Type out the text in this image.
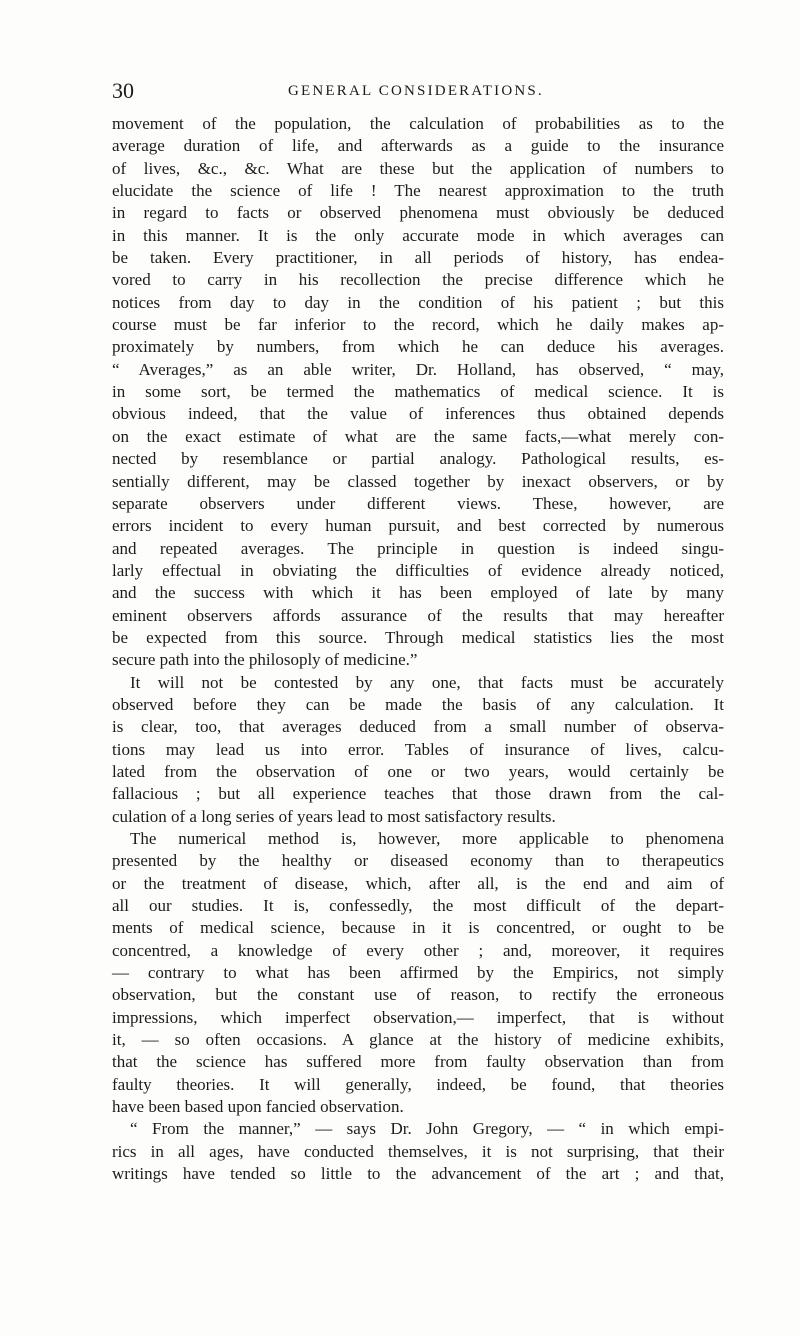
30	GENERAL CONSIDERATIONS.
movement of the population, the calculation of probabilities as to the
average duration of life, and afterwards as a guide to the insurance
of lives, &c., &c. What are these but the application of numbers to
elucidate the science of life ! The nearest approximation to the truth
in regard to facts or observed phenomena must obviously be deduced
in this manner. It is the only accurate mode in which averages can
be taken. Every practitioner, in all periods of history, has endea-
vored to carry in his recollection the precise difference which he
notices from day to day in the condition of his patient ; but this
course must be far inferior to the record, which he daily makes ap-
proximately by numbers, from which he can deduce his averages.
“ Averages,” as an able writer, Dr. Holland, has observed, “ may,
in some sort, be termed the mathematics of medical science. It is
obvious indeed, that the value of inferences thus obtained depends
on the exact estimate of what are the same facts,—what merely con-
nected by resemblance or partial analogy. Pathological results, es-
sentially different, may be classed together by inexact observers, or by
separate observers under different views. These, however, are
errors incident to every human pursuit, and best corrected by numerous
and repeated averages. The principle in question is indeed singu-
larly effectual in obviating the difficulties of evidence already noticed,
and the success with which it has been employed of late by many
eminent observers affords assurance of the results that may hereafter
be expected from this source. Through medical statistics lies the most
secure path into the philosoply of medicine.”
It will not be contested by any one, that facts must be accurately
observed before they can be made the basis of any calculation. It
is clear, too, that averages deduced from a small number of observa-
tions may lead us into error. Tables of insurance of lives, calcu-
lated from the observation of one or two years, would certainly be
fallacious ; but all experience teaches that those drawn from the cal-
culation of a long series of years lead to most satisfactory results.
The numerical method is, however, more applicable to phenomena
presented by the healthy or diseased economy than to therapeutics
or the treatment of disease, which, after all, is the end and aim of
all our studies. It is, confessedly, the most difficult of the depart-
ments of medical science, because in it is concentred, or ought to be
concentred, a knowledge of every other ; and, moreover, it requires
— contrary to what has been affirmed by the Empirics, not simply
observation, but the constant use of reason, to rectify the erroneous
impressions, which imperfect observation,— imperfect, that is without
it, — so often occasions. A glance at the history of medicine exhibits,
that the science has suffered more from faulty observation than from
faulty theories. It will generally, indeed, be found, that theories
have been based upon fancied observation.
“ From the manner,” — says Dr. John Gregory, — “ in which empi-
rics in all ages, have conducted themselves, it is not surprising, that their
writings have tended so little to the advancement of the art ; and that,
